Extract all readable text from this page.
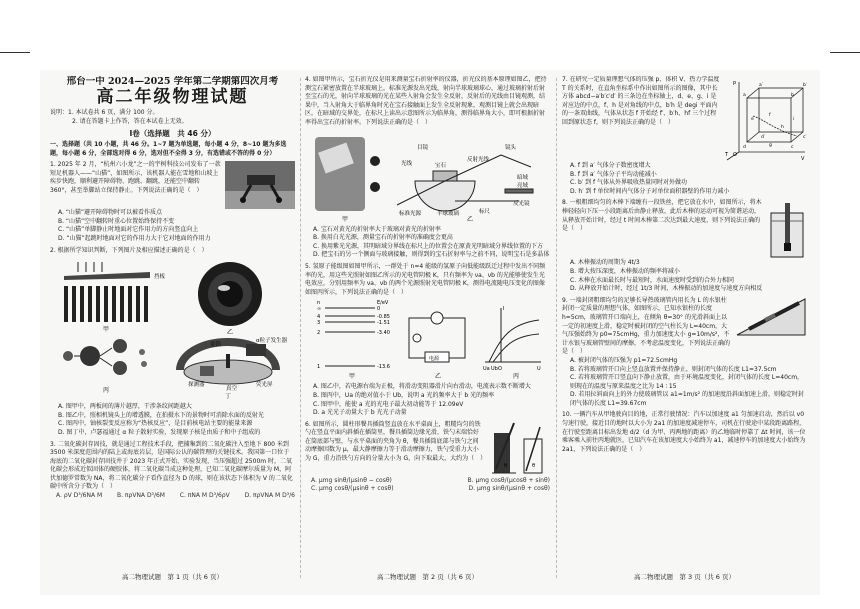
邢台一中 2024—2025 学年第二学期第四次月考
高二年级物理试题
说明：1. 本试卷共 6 页，满分 100 分。
2. 请在答题卡上作答，答在本试卷上无效。
Ⅰ卷（选择题　共 46 分）
一、选择题（共 10 小题，共 46 分。1~7 题为单选题，每小题 4 分，8~10 题为多选题，每小题 6 分，全部选对得 6 分，选对但不全得 3 分，有选错或不答的得 0 分）
1. 2025 年 2 月，“杭州六小龙”之一的宇树科技公司发布了一款短足机器人——“山猫”，如图所示，该机器人能在雪地和山坡上疾步快跑，顺利避开障碍物、跑跳、翻跳，还能空中翻转 360°，甚至举脚站立保持静止。下列说法正确的是（　）
A. “山猫”避开障碍物时可以被看作质点
B. “山猫”空中翻转时重心位置始终保持不变
C. “山猫”单脚静止时地面对它作用力的方向竖直向上
D. “山猫”起跳时地面对它的作用力大于它对地面的作用力
2. 根据所学知识判断，下列图片及相应描述正确的是（　）
甲
挡板
乙
丙
金箔
α粒子发生器
探测器
真空
荧光屏
丁
A. 图甲中，两板间的薄片越厚，干涉条纹间距越大
B. 图乙中，照相机镜头上的增透膜，在拍摄水下的景物时可消除水面的反射光
C. 图丙中，铀核裂变反应称为“热核反应”，是目前核电站主要的能量来源
D. 图丁中，卢瑟福通过 α 粒子散射实验，发现原子核是由质子和中子组成的
3. 二氧化碳封存固技，就是通过工程技术手段，把捕集到的二氧化碳注入至地下 800 米到 3500 米深度范围内的陆上或海底岩层，是国际公认的碳管理的关键技术。我国第一口位于海底的二氧化碳封存固技井于 2023 年正式开始，实验发现，当压强超过 2500m 时，二氧化碳会形成近似固体的硬胶体，将二氧化碳当成这种处理，已知二氧化碳摩尔质量为 M，阿伏加德罗常数为 NA，将二氧化碳分子看作直径为 D 的球，则在该状态下体积为 V 的二氧化碳中所含分子数为（　）
A. ρV D³/6NA M B. πρVNA D³/6M C. πNA M D³/6ρV D. πρVNA M D³/6
高二物理试题　第 1 页（共 6 页）
4. 如图甲所示，宝石折光仪是用来测量宝石折射率的仪器，折光仪的基本原理如图乙，把待测宝石紧密放置在半球玻璃上，标准光源发出光线，射向半球玻璃球心，通过玻璃折射后射至宝石的光，射向半球玻璃的光在某些入射角会发生全反射，反射后的光线由目镜观测，结果中，当入射角大于临界角时光在宝石接触面上发生全反射现象，观测目镜上就会出现暗区，在暗域的交界处，在标尺上读出示意图所示为临界角，测得临界角大小，即可根据折射率得出宝石的折射率。下列说法正确的是（　）
甲
目镜
宝石
光线
标准光源	半球玻璃
镜头
反射光线
标尺
反光镜
暗域
亮域
乙
A. 宝石对黄光的折射率大于玻璃对黄光的折射率
B. 换用白光光源，测量宝石的折射率的准确度会更高
C. 换用紫光光源，其明暗域分界线在标尺上的位置会在原黄光明暗域分界线位置的下方
D. 把宝石的另一个侧面与玻璃接触，则得到的宝石折射率与之前不同，说明宝石是多晶体
5. 氢原子能级图如图甲所示，一群处于 n=4 能级的氢原子向低能级跃迁过程中发出不同频率的光，用这些光照射如图乙所示的光电管阴极 K，只有频率为 νa、νb 的光能够使发生光电效应，分别用频率为 νa、νb 的两个光源照射光电管阴极 K，测得电流随电压变化的图像如图丙所示，下列说法正确的是（　）
n	E/eV
∞	0
4	-0.85
3	-1.51
2	-3.40
1	-13.6
甲
电源
乙
I
U
O
Ua Ub
丙
A. 图乙中，若电源右端为正极，将滑动变阻器滑片向右滑动，电流表示数不断增大
B. 图丙中，Ua 的绝对值小于 Ub，说明 a 光的频率大于 b 光的频率
C. 图甲中，能使 a 光的光电子最大初动能等于 12.09eV
D. a 光光子动量大于 b 光光子动量
6. 如图所示，圆柱形餐具插筒竖直放在水平桌面上，粗糙均匀的铁勺在竖直平面内斜插在插筒里，餐具插筒边缘光滑，铁勺末端恰好在筒底部与壁，与水平桌面的夹角为 θ，餐具插筒底部与铁勺之间动摩擦因数为 μ，最大静摩擦力等于滑动摩擦力，铁勺受重力大小为 G，重力沿铁勺方向的分量大小为 G，向下取最大，大约为（　）
θ	θ
A. μmg sinθ/(μsinθ − cosθ)	B. μmg cosθ/(μcosθ + sinθ)
C. μmg cosθ/(μsinθ + cosθ)	D. μmg sinθ/(μsinθ + cosθ)
高二物理试题　第 2 页（共 6 页）
7. 在研究一定质量理想气体的压强 p、体积 V、热力学温度 T 的关系时，在直角坐标系中作出如图所示的图像，其中长方体 abcd−a′b′c′d′ 的三条边在坐标轴上，d、e、g、i 是对应边的中点，f、h 是对角线的中点，b′h 是 degi 平面内的一条双曲线，气体从状态 f 开始经 f′、b′h、hf 三个过程回到原状态 f，则下列说法正确的是（　）
p
V
T O
a	b
c
d
e
f
g
h
i
a′	b′
c′
d′
A. f 到 a′ 气体分子数密度增大
B. f 到 a′ 气体分子平均动能减小
C. b′ 到 f 气体从外界吸收热量同时对外做功
D. h′ 到 f 单位时间内气体分子对单位面积器壁的作用力减小
8. 一根粗细均匀的木棒下端缠有一段铁丝，把它放在水中，如图所示，将木棒轻轻向下压一小段距离后由静止释放，此后木棒的运动可视为简谐运动，从释放开始计时，经过 t 时间木棒第二次达到最大速度，则下列说法正确的是（　）
A. 木棒振动的周期为 4t/3
B. 增大按压深度，木棒振动的频率将减小
C. 木棒在水面最长时与最短时，水面速度时受到的合外力相同
D. 从释放开始计时，经过 1t/3 时间，木棒振动的加速度与速度方向相反
9. 一端封闭粗细均匀的足够长导热玻璃管内用长为 L 的水银柱封闭一定质量的理想气体，如图所示，已知水银柱的长度 h=5cm，玻璃管开口端向上，在倾角 θ=30° 的光滑斜面上以一定的初速度上滑，稳定时被封闭的空气柱长为 L=40cm，大气压强始终为 p0=75cmHg，重力加速度大小 g=10m/s²，不计水银与玻璃管壁间的摩擦，不考虑温度变化，下列说法正确的是（　）
A. 被封闭气体的压强为 p1=72.5cmHg
B. 若将玻璃管开口向上竖直放置并保持静止，则封闭气体的长度 L1=37.5cm
C. 若将玻璃管开口竖直向下静止放置，由于环境温度变化，封闭气体的长度 L=40cm，则现在的温度与原来温度之比为 14 ∶ 15
D. 若用拉斜面向上的外力使玻璃管以 a1=1m/s² 的加速度沿斜面加速上滑，则稳定时封闭气体的长度 L1=39.67cm
10. 一辆汽车从甲地驶向目的地，正常行驶情况：汽车以加速度 a1 匀加速启动，然后以 v0 匀速行驶，接近目的地时以大小为 2a1 的加速度减速停车，司机在行驶途中某段距离路程，在行驶至距离目标出发地 d/2（d 为甲、丙两地的距离）的乙地临时停靠了 Δt 时间，该一位乘客乘入前往丙地就医，已知汽车在该加速度大小始终为 a1，减速停车的加速度大小始终为 2a1，下列说法正确的是（　）
高二物理试题　第 3 页（共 6 页）
